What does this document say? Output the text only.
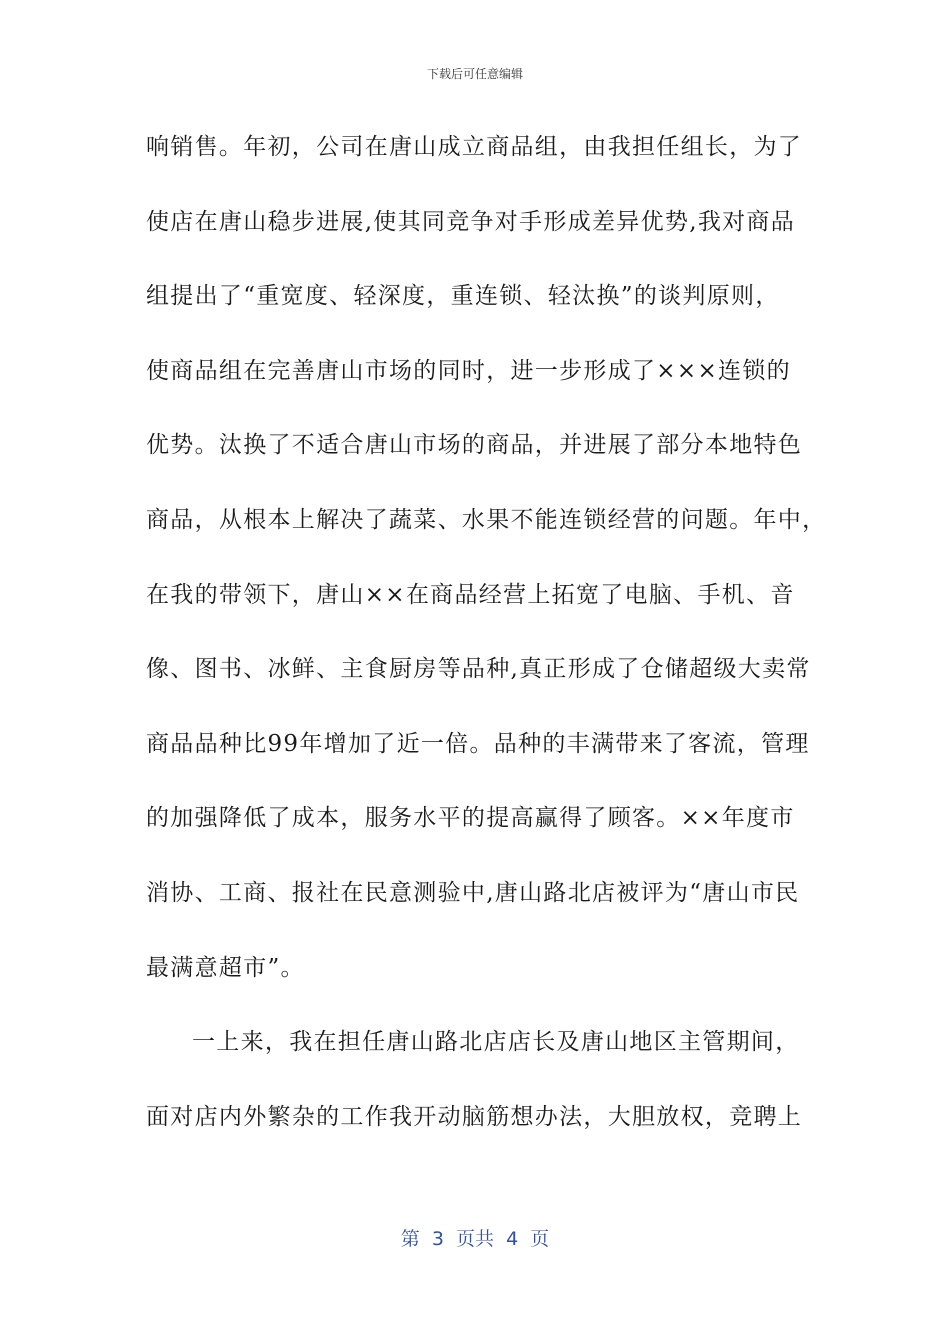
下载后可任意编辑
响销售。年初，公司在唐山成立商品组，由我担任组长，为了
使店在唐山稳步进展,使其同竞争对手形成差异优势,我对商品
组提出了“重宽度、轻深度，重连锁、轻汰换”的谈判原则，
使商品组在完善唐山市场的同时，进一步形成了×××连锁的
优势。汰换了不适合唐山市场的商品，并进展了部分本地特色
商品，从根本上解决了蔬菜、水果不能连锁经营的问题。年中，
在我的带领下，唐山××在商品经营上拓宽了电脑、手机、音
像、图书、冰鲜、主食厨房等品种,真正形成了仓储超级大卖常
商品品种比99年增加了近一倍。品种的丰满带来了客流，管理
的加强降低了成本，服务水平的提高赢得了顾客。××年度市
消协、工商、报社在民意测验中,唐山路北店被评为“唐山市民
最满意超市”。
一上来，我在担任唐山路北店店长及唐山地区主管期间，
面对店内外繁杂的工作我开动脑筋想办法，大胆放权，竞聘上
第  3  页共  4  页
